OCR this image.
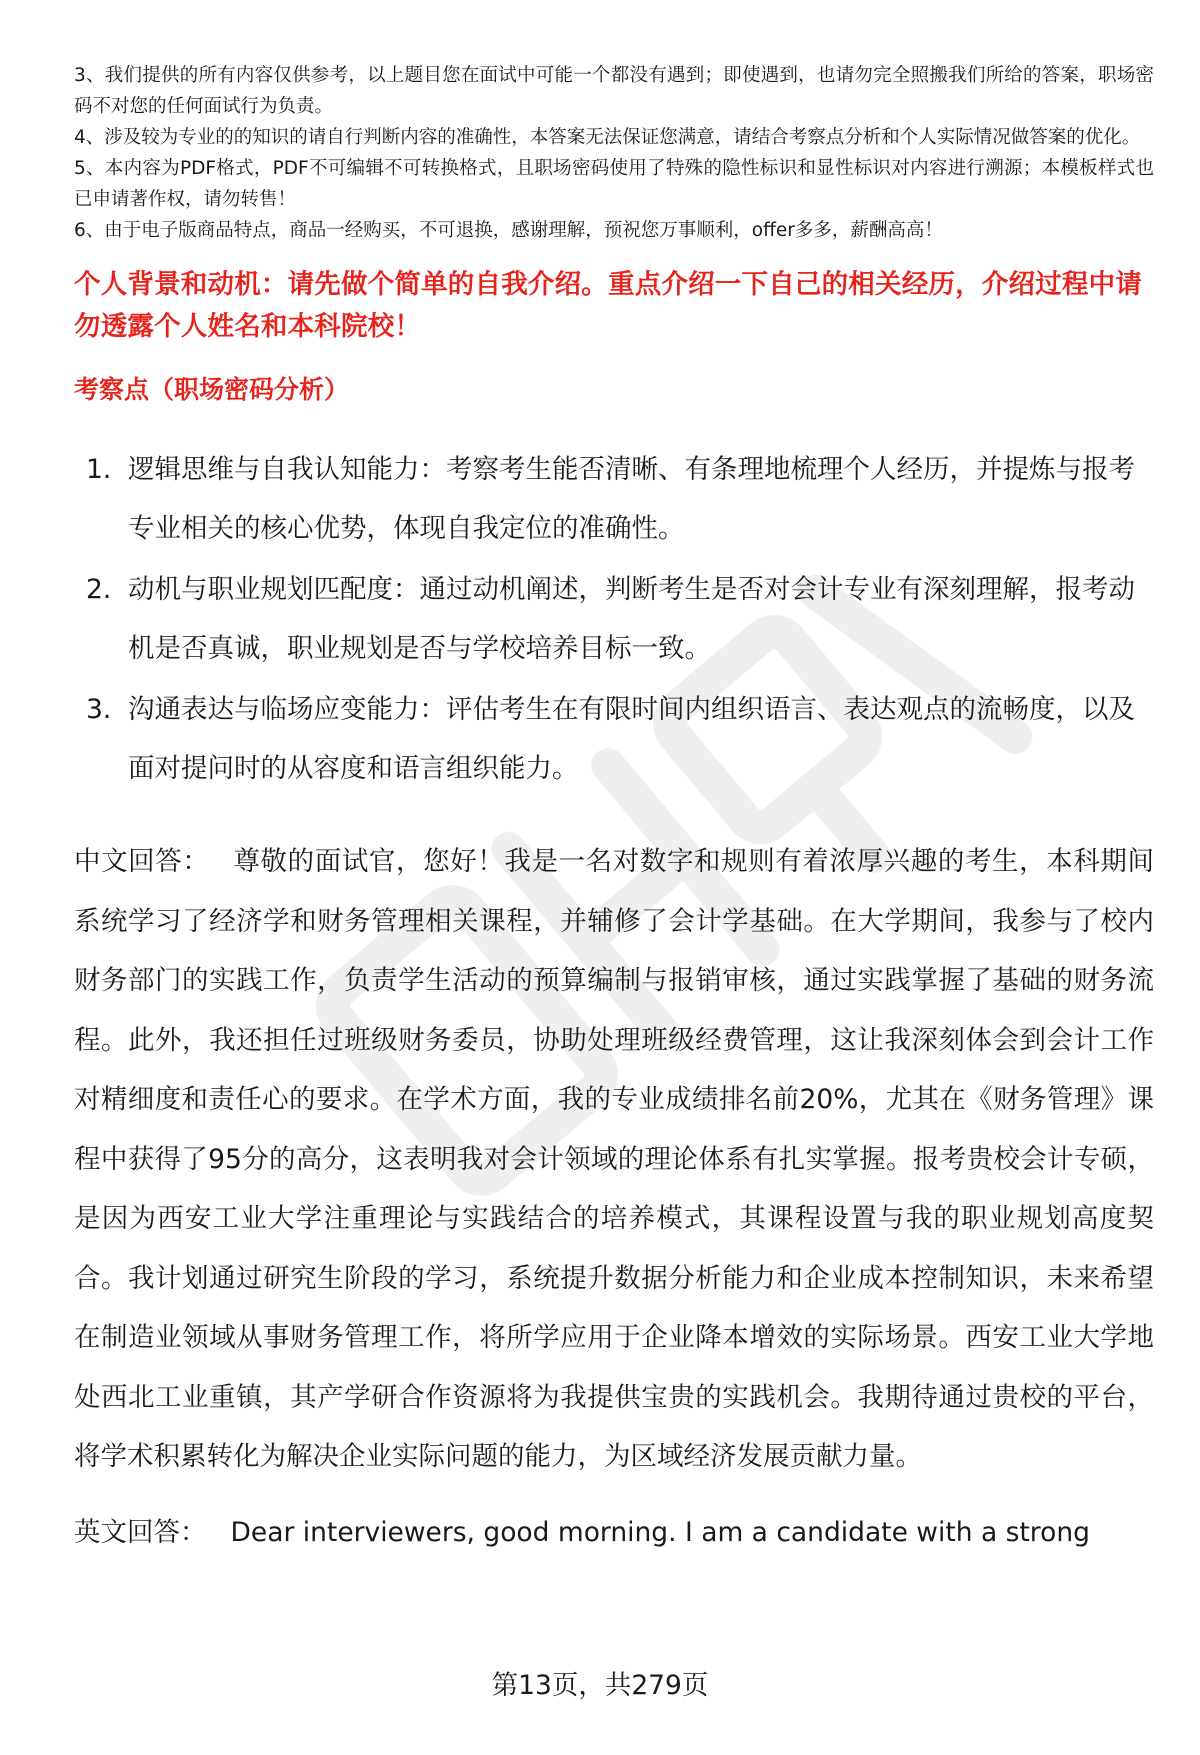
3、我们提供的所有内容仅供参考，以上题目您在面试中可能一个都没有遇到；即使遇到，也请勿完全照搬我们所给的答案，职场密码不对您的任何面试行为负责。

4、涉及较为专业的的知识的请自行判断内容的准确性，本答案无法保证您满意，请结合考察点分析和个人实际情况做答案的优化。

5、本内容为PDF格式，PDF不可编辑不可转换格式，且职场密码使用了特殊的隐性标识和显性标识对内容进行溯源；本模板样式也已申请著作权，请勿转售！

6、由于电子版商品特点，商品一经购买，不可退换，感谢理解，预祝您万事顺利，offer多多，薪酬高高！

个人背景和动机：请先做个简单的自我介绍。重点介绍一下自己的相关经历，介绍过程中请勿透露个人姓名和本科院校！
考察点（职场密码分析）
1. 逻辑思维与自我认知能力：考察考生能否清晰、有条理地梳理个人经历，并提炼与报考专业相关的核心优势，体现自我定位的准确性。
2. 动机与职业规划匹配度：通过动机阐述，判断考生是否对会计专业有深刻理解，报考动机是否真诚，职业规划是否与学校培养目标一致。
3. 沟通表达与临场应变能力：评估考生在有限时间内组织语言、表达观点的流畅度，以及面对提问时的从容度和语言组织能力。

中文回答： 尊敬的面试官，您好！我是一名对数字和规则有着浓厚兴趣的考生，本科期间系统学习了经济学和财务管理相关课程，并辅修了会计学基础。在大学期间，我参与了校内财务部门的实践工作，负责学生活动的预算编制与报销审核，通过实践掌握了基础的财务流程。此外，我还担任过班级财务委员，协助处理班级经费管理，这让我深刻体会到会计工作对精细度和责任心的要求。在学术方面，我的专业成绩排名前20%，尤其在《财务管理》课程中获得了95分的高分，这表明我对会计领域的理论体系有扎实掌握。报考贵校会计专硕，是因为西安工业大学注重理论与实践结合的培养模式，其课程设置与我的职业规划高度契合。我计划通过研究生阶段的学习，系统提升数据分析能力和企业成本控制知识，未来希望在制造业领域从事财务管理工作，将所学应用于企业降本增效的实际场景。西安工业大学地处西北工业重镇，其产学研合作资源将为我提供宝贵的实践机会。我期待通过贵校的平台，将学术积累转化为解决企业实际问题的能力，为区域经济发展贡献力量。

英文回答： Dear interviewers, good morning. I am a candidate with a strong

第13页，共279页
